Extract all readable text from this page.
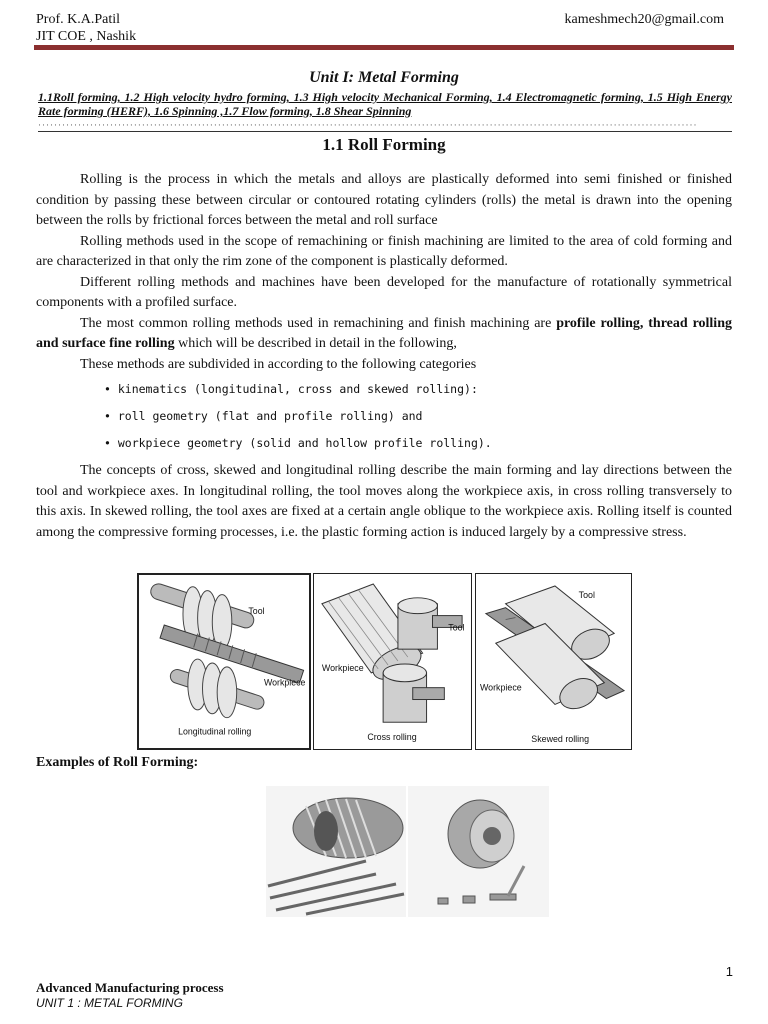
Prof. K.A.Patil
JIT COE , Nashik
kameshmech20@gmail.com
Unit I: Metal Forming
1.1Roll forming, 1.2 High velocity hydro forming, 1.3 High velocity Mechanical Forming, 1.4 Electromagnetic forming, 1.5 High Energy Rate forming (HERF), 1.6 Spinning ,1.7 Flow forming, 1.8 Shear Spinning
·····································································································································································
1.1 Roll Forming

Rolling is the process in which the metals and alloys are plastically deformed into semi finished or finished condition by passing these between circular or contoured rotating cylinders (rolls) the metal is drawn into the opening between the rolls by frictional forces between the metal and roll surface

Rolling methods used in the scope of remachining or finish machining are limited to the area of cold forming and are characterized in that only the rim zone of the component is plastically deformed.

Different rolling methods and machines have been developed for the manufacture of rotationally symmetrical components with a profiled surface.

The most common rolling methods used in remachining and finish machining are profile rolling, thread rolling and surface fine rolling which will be described in detail in the following,

These methods are subdivided in according to the following categories

• kinematics (longitudinal, cross and skewed rolling):
• roll geometry (flat and profile rolling) and
• workpiece geometry (solid and hollow profile rolling).

The concepts of cross, skewed and longitudinal rolling describe the main forming and lay directions between the tool and workpiece axes. In longitudinal rolling, the tool moves along the workpiece axis, in cross rolling transversely to this axis. In skewed rolling, the tool axes are fixed at a certain angle oblique to the workpiece axis. Rolling itself is counted among the compressive forming processes, i.e. the plastic forming action is induced largely by a compressive stress.

Tool
Workpiece
Longitudinal rolling
Tool
Workpiece
Cross rolling
Tool
Workpiece
Skewed rolling
Examples of Roll Forming:
1
Advanced Manufacturing process
UNIT 1 : METAL FORMING
